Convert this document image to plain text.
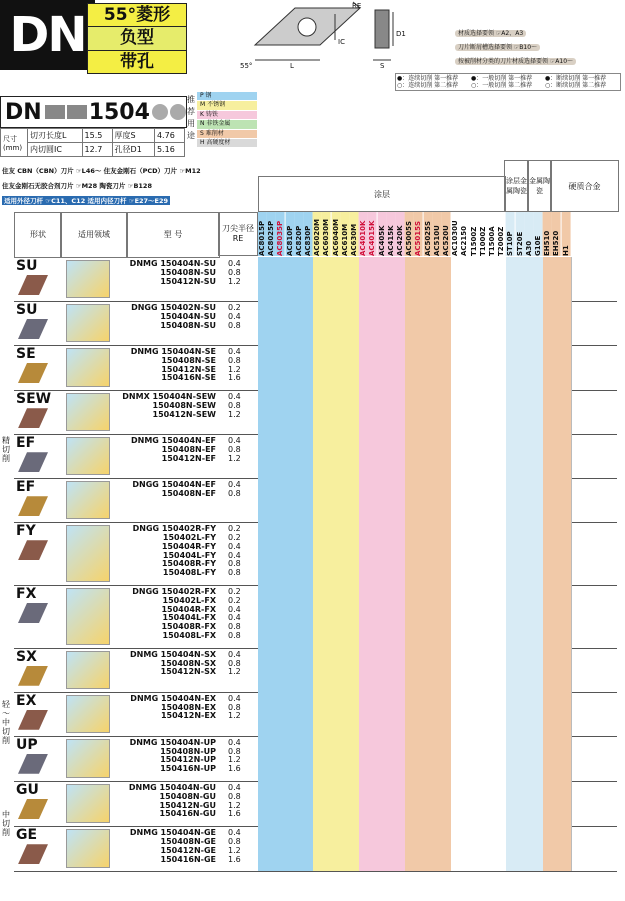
DN	55°菱形
负型
带孔	55°
RE
IC
D1
L	S
材质选择要领 ☞A2、A3
刀片断屑槽选择要领 ☞B10～
按被削材分类的刀片材质选择要领 ☞A10～
●：连续切削 第一推荐	●：一般切削 第一推荐	●：断续切削 第一推荐
○：连续切削 第二推荐	○：一般切削 第二推荐	○：断续切削 第二推荐
DN 1504
尺寸
(mm)	切刃长度L	15.5	厚度S	4.76
	内切圆IC	12.7	孔径D1	5.16
住友 CBN（CBN）刀片 ☞L46～ 住友金刚石（PCD）刀片 ☞M12
住友金刚石无胶合剂刀片 ☞M28 陶瓷刀片 ☞B128
适用外径刀杆 ☞C11、C12 适用内径刀杆 ☞E27～E29
推荐用途
P 钢
M 不锈钢
K 铸铁
N 非铁金属
S 难削材
H 高硬度材
涂层
涂层金属陶瓷
金属陶瓷
硬质合金
AC8015P AC8025P AC8035P AC810P AC820P AC830P AC6020M AC6030M AC6040M AC610M AC630M AC4010K AC4015K AC405K AC415K AC420K AC5005S AC5015S AC5025S AC510U AC520U AC1030U AC2150 T1500Z T1000Z T1500A T2000Z ST10P ST20E A30 G10E EH510 EH520 H1
形状	适用领域	型 号
刀尖半径
RE
SU	DNMG 150404N-SU 0.4
150408N-SU 0.8
150412N-SU 1.2
SU	DNGG 150402N-SU 0.2
150404N-SU 0.4
150408N-SU 0.8
SE	DNMG 150404N-SE 0.4
150408N-SE 0.8
150412N-SE 1.2
150416N-SE 1.6
SEW	DNMX 150404N-SEW 0.4
150408N-SEW 0.8
150412N-SEW 1.2
EF	DNMG 150404N-EF 0.4
150408N-EF 0.8
150412N-EF 1.2
EF	DNGG 150404N-EF 0.4
150408N-EF 0.8
FY	DNGG 150402R-FY 0.2
150402L-FY 0.2
150404R-FY 0.4
150404L-FY 0.4
150408R-FY 0.8
150408L-FY 0.8
FX	DNGG 150402R-FX 0.2
150402L-FX 0.2
150404R-FX 0.4
150404L-FX 0.4
150408R-FX 0.8
150408L-FX 0.8
SX	DNMG 150404N-SX 0.4
150408N-SX 0.8
150412N-SX 1.2
EX	DNMG 150404N-EX 0.4
150408N-EX 0.8
150412N-EX 1.2
UP	DNMG 150404N-UP 0.4
150408N-UP 0.8
150412N-UP 1.2
150416N-UP 1.6
GU	DNMG 150404N-GU 0.4
150408N-GU 0.8
150412N-GU 1.2
150416N-GU 1.6
GE	DNMG 150404N-GE 0.4
150408N-GE 0.8
150412N-GE 1.2
150416N-GE 1.6
精切削
轻～中切削
中切削
